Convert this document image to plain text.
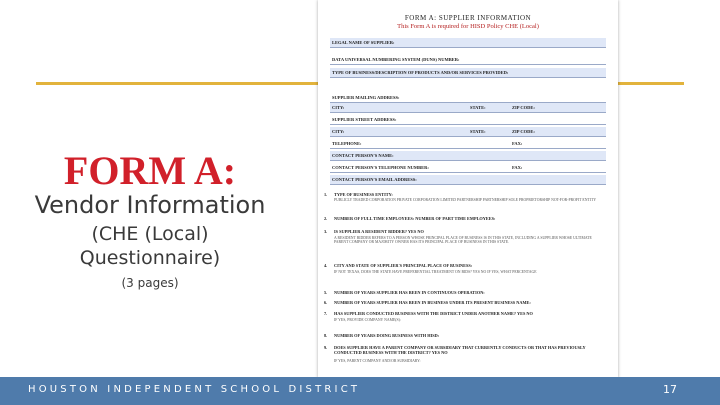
FORM A:
Vendor Information
(CHE (Local)
Questionnaire)
(3 pages)
FORM A: SUPPLIER INFORMATION
This Form A is required for HISD Policy CHE (Local)
LEGAL NAME OF SUPPLIER:
DATA UNIVERSAL NUMBERING SYSTEM (DUNS) NUMBER:
TYPE OF BUSINESS/DESCRIPTION OF PRODUCTS AND/OR SERVICES PROVIDED:
SUPPLIER MAILING ADDRESS:
CITY:	STATE:	ZIP CODE:
SUPPLIER STREET ADDRESS:
CITY:	STATE:	ZIP CODE:
TELEPHONE:	FAX:
CONTACT PERSON'S NAME:
CONTACT PERSON'S TELEPHONE NUMBER:	FAX:
CONTACT PERSON'S EMAIL ADDRESS:
1. TYPE OF BUSINESS ENTITY:
PUBLICLY TRADED CORPORATION PRIVATE CORPORATION LIMITED PARTNERSHIP PARTNERSHIP SOLE PROPRIETORSHIP NOT-FOR-PROFIT ENTITY
2. NUMBER OF FULL TIME EMPLOYEES: NUMBER OF PART TIME EMPLOYEES:
3. IS SUPPLIER A RESIDENT BIDDER? YES NO
A RESIDENT BIDDER REFERS TO A PERSON WHOSE PRINCIPAL PLACE OF BUSINESS IS IN THIS STATE, INCLUDING A SUPPLIER WHOSE ULTIMATE PARENT COMPANY OR MAJORITY OWNER HAS ITS PRINCIPAL PLACE OF BUSINESS IN THIS STATE.
4. CITY AND STATE OF SUPPLIER'S PRINCIPAL PLACE OF BUSINESS:
IF NOT TEXAS, DOES THE STATE HAVE PREFERENTIAL TREATMENT ON BIDS? YES NO IF YES, WHAT PERCENTAGE
5. NUMBER OF YEARS SUPPLIER HAS BEEN IN CONTINUOUS OPERATION:
6. NUMBER OF YEARS SUPPLIER HAS BEEN IN BUSINESS UNDER ITS PRESENT BUSINESS NAME:
7. HAS SUPPLIER CONDUCTED BUSINESS WITH THE DISTRICT UNDER ANOTHER NAME? YES NO
IF YES, PROVIDE COMPANY NAME(S):
8. NUMBER OF YEARS DOING BUSINESS WITH HISD:
9. DOES SUPPLIER HAVE A PARENT COMPANY OR SUBSIDIARY THAT CURRENTLY CONDUCTS OR THAT HAS PREVIOUSLY CONDUCTED BUSINESS WITH THE DISTRICT? YES NO
IF YES, PARENT COMPANY AND/OR SUBSIDIARY:
HOUSTON INDEPENDENT SCHOOL DISTRICT	17
